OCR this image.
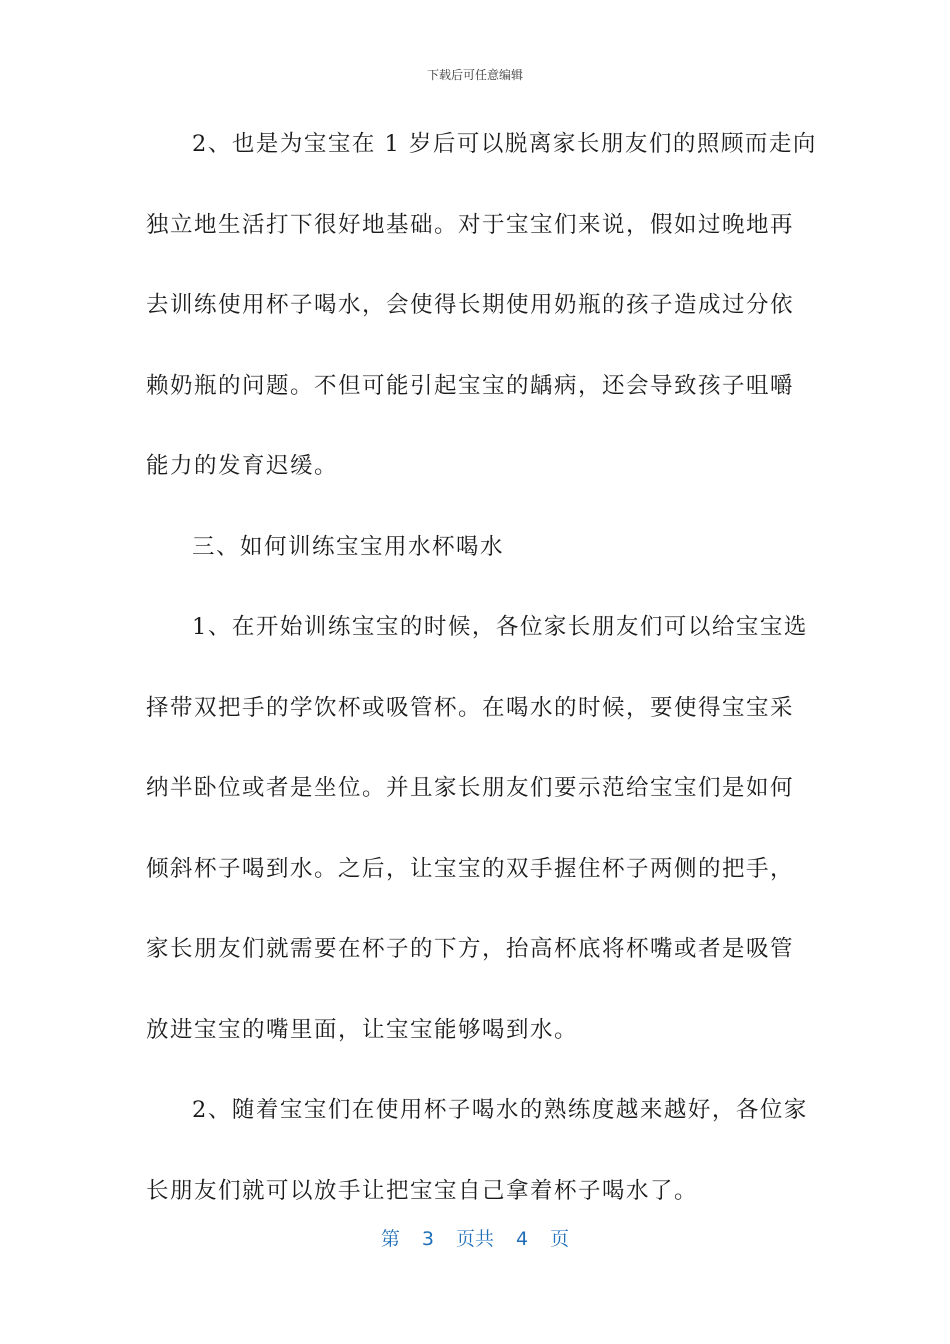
下载后可任意编辑
2、也是为宝宝在 1 岁后可以脱离家长朋友们的照顾而走向
独立地生活打下很好地基础。对于宝宝们来说，假如过晚地再
去训练使用杯子喝水，会使得长期使用奶瓶的孩子造成过分依
赖奶瓶的问题。不但可能引起宝宝的龋病，还会导致孩子咀嚼
能力的发育迟缓。
三、如何训练宝宝用水杯喝水
1、在开始训练宝宝的时候，各位家长朋友们可以给宝宝选
择带双把手的学饮杯或吸管杯。在喝水的时候，要使得宝宝采
纳半卧位或者是坐位。并且家长朋友们要示范给宝宝们是如何
倾斜杯子喝到水。之后，让宝宝的双手握住杯子两侧的把手，
家长朋友们就需要在杯子的下方，抬高杯底将杯嘴或者是吸管
放进宝宝的嘴里面，让宝宝能够喝到水。
2、随着宝宝们在使用杯子喝水的熟练度越来越好，各位家
长朋友们就可以放手让把宝宝自己拿着杯子喝水了。
第 3 页共 4 页
